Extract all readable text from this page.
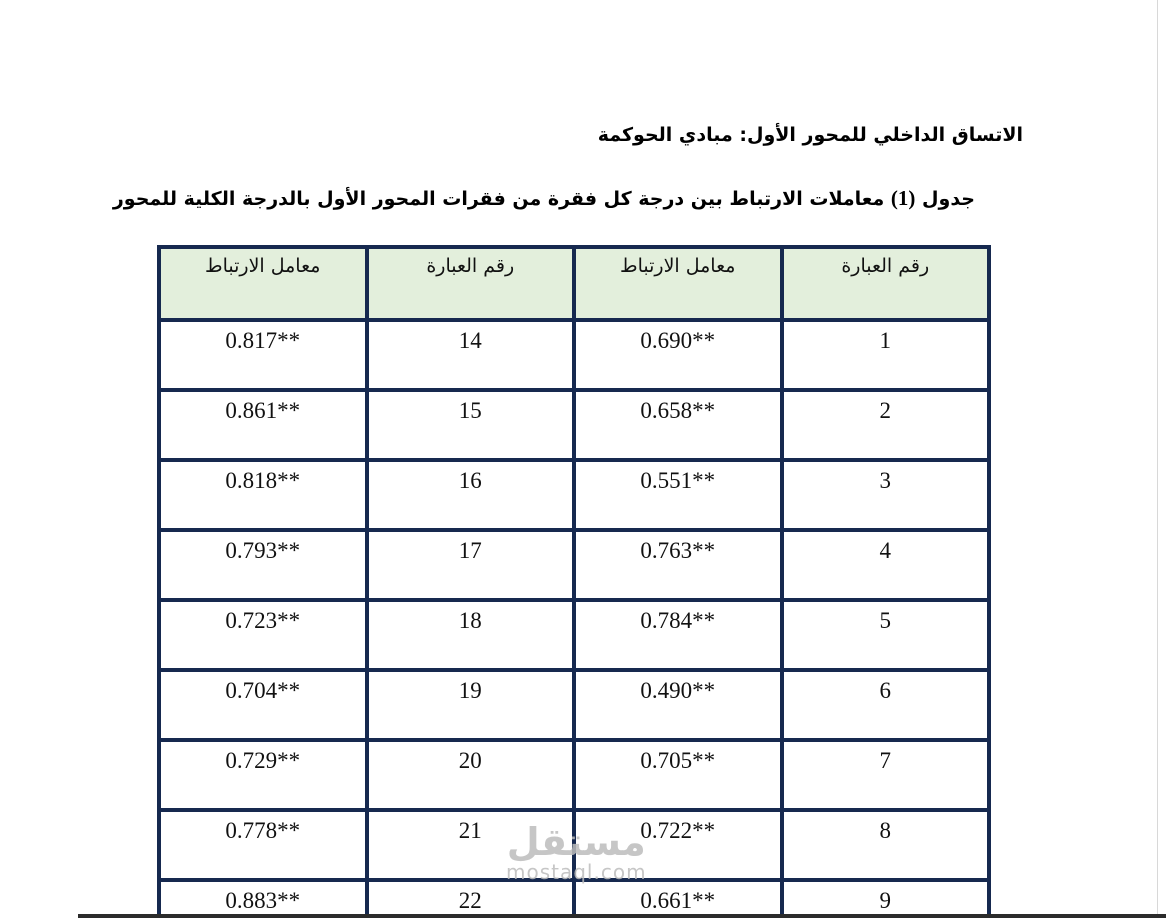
الاتساق الداخلي للمحور الأول: مبادي الحوكمة
جدول (1) معاملات الارتباط بين درجة كل فقرة من فقرات المحور الأول بالدرجة الكلية للمحور
رقم العبارة	معامل الارتباط	رقم العبارة	معامل الارتباط
1	0.690**	14	0.817**
2	0.658**	15	0.861**
3	0.551**	16	0.818**
4	0.763**	17	0.793**
5	0.784**	18	0.723**
6	0.490**	19	0.704**
7	0.705**	20	0.729**
8	0.722**	21	0.778**
9	0.661**	22	0.883**
مستقل
mostaql.com
